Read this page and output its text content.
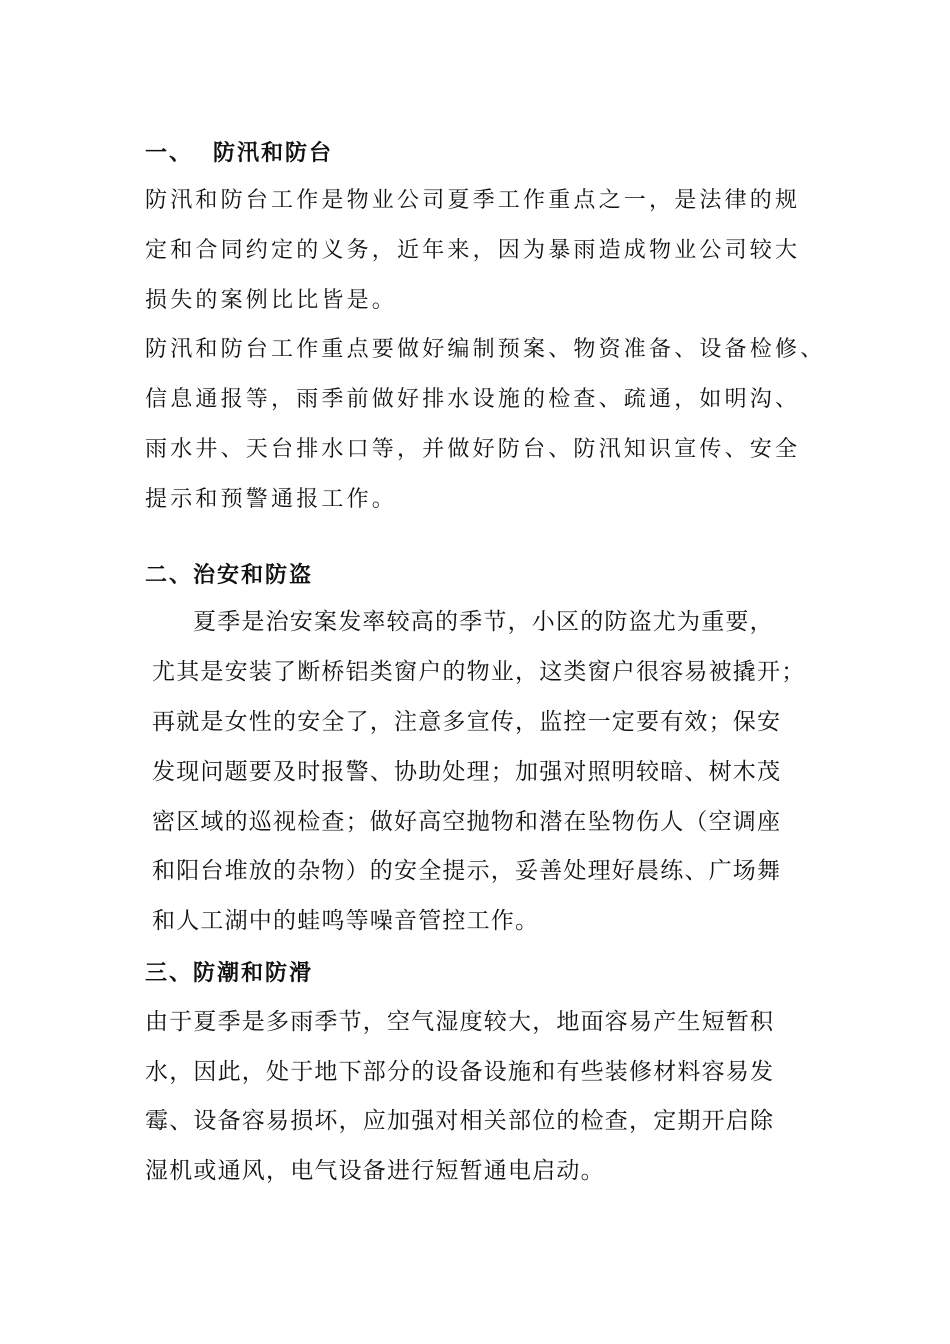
一、 防汛和防台

防汛和防台工作是物业公司夏季工作重点之一，是法律的规

定和合同约定的义务，近年来，因为暴雨造成物业公司较大

损失的案例比比皆是。

防汛和防台工作重点要做好编制预案、物资准备、设备检修、

信息通报等，雨季前做好排水设施的检查、疏通，如明沟、

雨水井、天台排水口等，并做好防台、防汛知识宣传、安全

提示和预警通报工作。

二、治安和防盗

夏季是治安案发率较高的季节，小区的防盗尤为重要，

尤其是安装了断桥铝类窗户的物业，这类窗户很容易被撬开；

再就是女性的安全了，注意多宣传，监控一定要有效；保安

发现问题要及时报警、协助处理；加强对照明较暗、树木茂

密区域的巡视检查；做好高空抛物和潜在坠物伤人（空调座

和阳台堆放的杂物）的安全提示，妥善处理好晨练、广场舞

和人工湖中的蛙鸣等噪音管控工作。

三、防潮和防滑

由于夏季是多雨季节，空气湿度较大，地面容易产生短暂积

水，因此，处于地下部分的设备设施和有些装修材料容易发

霉、设备容易损坏，应加强对相关部位的检查，定期开启除

湿机或通风，电气设备进行短暂通电启动。
